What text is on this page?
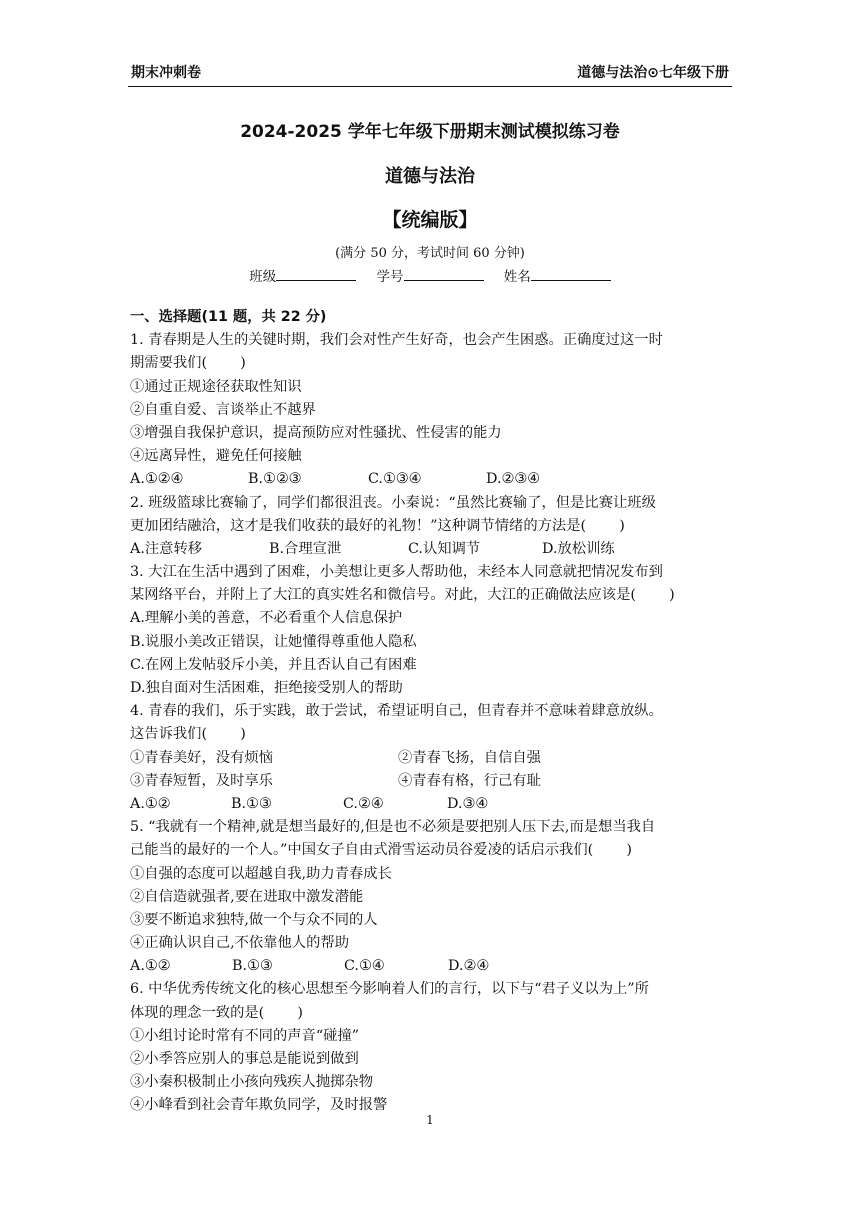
期末冲刺卷	道德与法治⊙七年级下册
2024-2025 学年七年级下册期末测试模拟练习卷
道德与法治
【统编版】
(满分 50 分，考试时间 60 分钟)
班级	学号	姓名
一、选择题(11 题，共 22 分)
1. 青春期是人生的关键时期，我们会对性产生好奇，也会产生困惑。正确度过这一时
期需要我们(　　 )
①通过正规途径获取性知识
②自重自爱、言谈举止不越界
③增强自我保护意识，提高预防应对性骚扰、性侵害的能力
④远离异性，避免任何接触
A.①②④	B.①②③	C.①③④	D.②③④
2. 班级篮球比赛输了，同学们都很沮丧。小秦说：“虽然比赛输了，但是比赛让班级
更加团结融洽，这才是我们收获的最好的礼物！”这种调节情绪的方法是(　　 )
A.注意转移	B.合理宣泄	C.认知调节	D.放松训练
3. 大江在生活中遇到了困难，小美想让更多人帮助他，未经本人同意就把情况发布到
某网络平台，并附上了大江的真实姓名和微信号。对此，大江的正确做法应该是(　　 )
A.理解小美的善意，不必看重个人信息保护
B.说服小美改正错误，让她懂得尊重他人隐私
C.在网上发帖驳斥小美，并且否认自己有困难
D.独自面对生活困难，拒绝接受别人的帮助
4. 青春的我们，乐于实践，敢于尝试，希望证明自己，但青春并不意味着肆意放纵。
这告诉我们(　　 )
①青春美好，没有烦恼	②青春飞扬，自信自强
③青春短暂，及时享乐	④青春有格，行己有耻
A.①②	B.①③	C.②④	D.③④
5. “我就有一个精神,就是想当最好的,但是也不必须是要把别人压下去,而是想当我自
己能当的最好的一个人。”中国女子自由式滑雪运动员谷爱凌的话启示我们(　　 )
①自强的态度可以超越自我,助力青春成长
②自信造就强者,要在进取中激发潜能
③要不断追求独特,做一个与众不同的人
④正确认识自己,不依靠他人的帮助
A.①②	B.①③	C.①④	D.②④
6. 中华优秀传统文化的核心思想至今影响着人们的言行，以下与“君子义以为上”所
体现的理念一致的是(　　 )
①小组讨论时常有不同的声音“碰撞”
②小季答应别人的事总是能说到做到
③小秦积极制止小孩向残疾人抛掷杂物
④小峰看到社会青年欺负同学，及时报警
1
